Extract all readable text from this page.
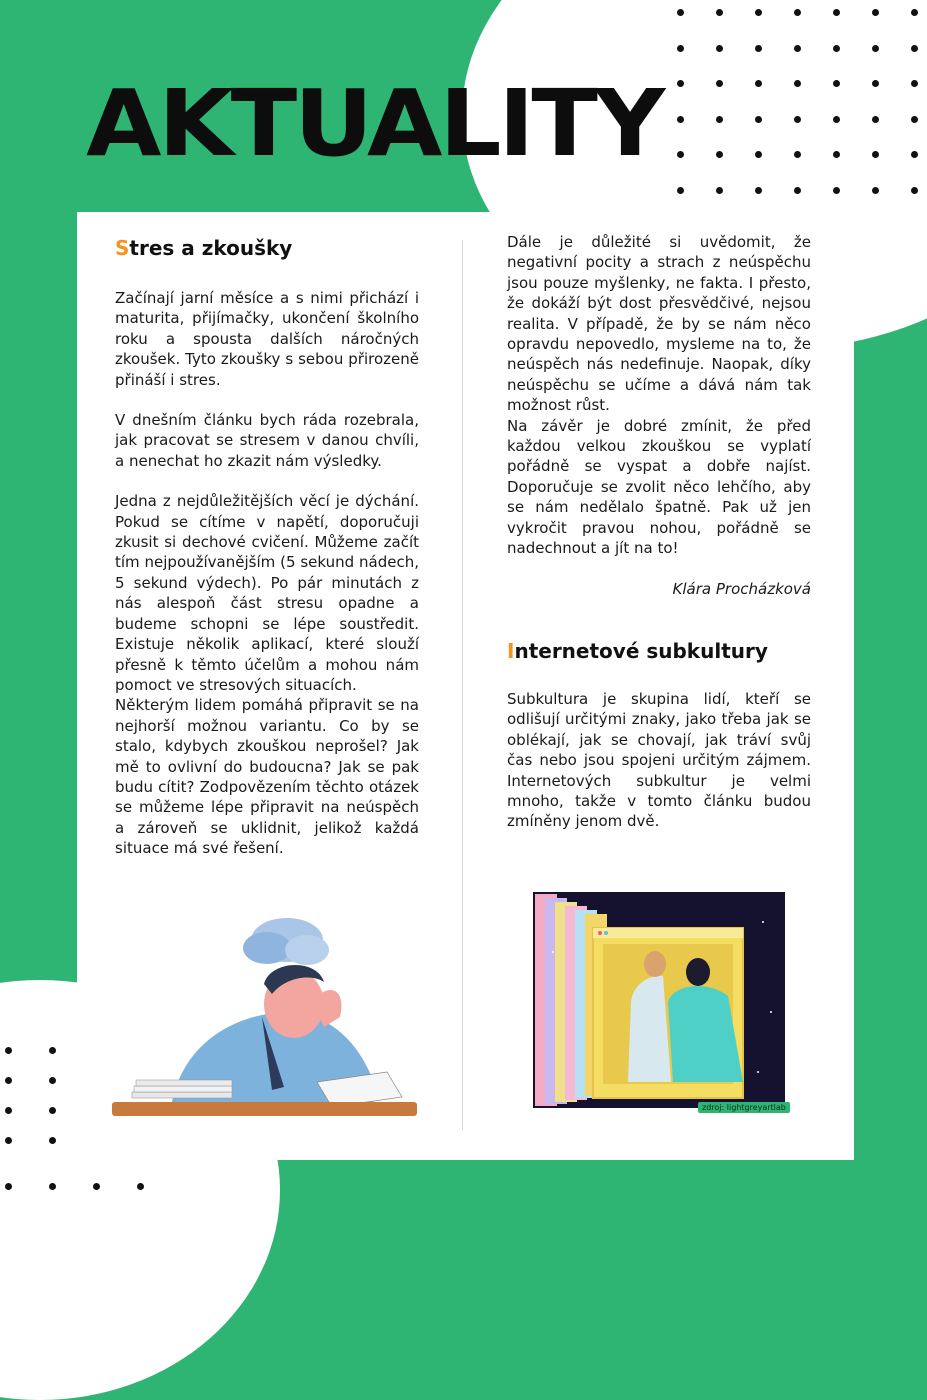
AKTUALITY
Stres a zkoušky

Začínají jarní měsíce a s nimi přichází i maturita, přijímačky, ukončení školního roku a spousta dalších náročných zkoušek. Tyto zkoušky s sebou přirozeně přináší i stres.

V dnešním článku bych ráda rozebrala, jak pracovat se stresem v danou chvíli, a nenechat ho zkazit nám výsledky.

Jedna z nejdůležitějších věcí je dýchání. Pokud se cítíme v napětí, doporučuji zkusit si dechové cvičení. Můžeme začít tím nejpoužívanějším (5 sekund nádech, 5 sekund výdech). Po pár minutách z nás alespoň část stresu opadne a budeme schopni se lépe soustředit. Existuje několik aplikací, které slouží přesně k těmto účelům a mohou nám pomoct ve stresových situacích.

Některým lidem pomáhá připravit se na nejhorší možnou variantu. Co by se stalo, kdybych zkouškou neprošel? Jak mě to ovlivní do budoucna? Jak se pak budu cítit? Zodpovězením těchto otázek se můžeme lépe připravit na neúspěch a zároveň se uklidnit, jelikož každá situace má své řešení.

Dále je důležité si uvědomit, že negativní pocity a strach z neúspěchu jsou pouze myšlenky, ne fakta. I přesto, že dokáží být dost přesvědčivé, nejsou realita. V případě, že by se nám něco opravdu nepovedlo, mysleme na to, že neúspěch nás nedefinuje. Naopak, díky neúspěchu se učíme a dává nám tak možnost růst.

Na závěr je dobré zmínit, že před každou velkou zkouškou se vyplatí pořádně se vyspat a dobře najíst. Doporučuje se zvolit něco lehčího, aby se nám nedělalo špatně. Pak už jen vykročit pravou nohou, pořádně se nadechnout a jít na to!

Klára Procházková

Internetové subkultury

Subkultura je skupina lidí, kteří se odlišují určitými znaky, jako třeba jak se oblékají, jak se chovají, jak tráví svůj čas nebo jsou spojeni určitým zájmem. Internetových subkultur je velmi mnoho, takže v tomto článku budou zmíněny jenom dvě.

zdroj: lightgreyartlab
